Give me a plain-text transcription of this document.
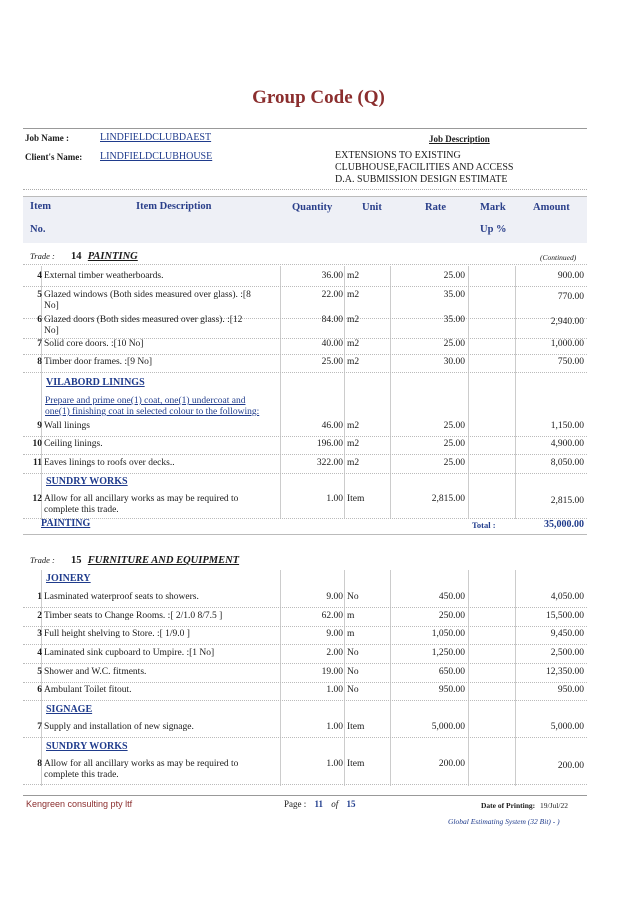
Group Code (Q)
Job Name :	LINDFIELDCLUBDAEST
Client's Name: LINDFIELDCLUBHOUSE
Job Description
EXTENSIONS TO EXISTING
CLUBHOUSE,FACILITIES AND ACCESS
D.A. SUBMISSION DESIGN ESTIMATE
Item
No.
Item Description	Quantity	Unit	Rate	Mark
Up %
Amount
Trade : 14 PAINTING	(Continued)
4	36.00 m2	25.00	900.00
External timber weatherboards.
5	22.00 m2	35.00	770.00
Glazed windows (Both sides measured over glass). :[8
No]
6	84.00 m2	35.00	2,940.00
Glazed doors (Both sides measured over glass). :[12
No]
7	40.00 m2	25.00	1,000.00
Solid core doors. :[10 No]
8	25.00 m2	30.00	750.00
Timber door frames. :[9 No]
VILABORD LININGS
Prepare and prime one(1) coat, one(1) undercoat and
one(1) finishing coat in selected colour to the following:
9	46.00 m2	25.00	1,150.00
Wall linings
10	196.00 m2	25.00	4,900.00
Ceiling linings.
11	322.00 m2	25.00	8,050.00
Eaves linings to roofs over decks..
SUNDRY WORKS
12	1.00 Item	2,815.00	2,815.00
Allow for all ancillary works as may be required to
complete this trade.
PAINTING	Total :	35,000.00
Trade : 15 FURNITURE AND EQUIPMENT
JOINERY
1	9.00 No	450.00	4,050.00
Lasminated waterproof seats to showers.
2	62.00 m	250.00	15,500.00
Timber seats to Change Rooms. :[ 2/1.0 8/7.5 ]
3	9.00 m	1,050.00	9,450.00
Full height shelving to Store. :[ 1/9.0 ]
4	2.00 No	1,250.00	2,500.00
Laminated sink cupboard to Umpire. :[1 No]
5	19.00 No	650.00	12,350.00
Shower and W.C. fitments.
6	1.00 No	950.00	950.00
Ambulant Toilet fitout.
SIGNAGE
7	1.00 Item	5,000.00	5,000.00
Supply and installation of new signage.
SUNDRY WORKS
8	1.00 Item	200.00	200.00
Allow for all ancillary works as may be required to
complete this trade.
Kengreen consulting pty ltf	Page : 11 of 15	Date of Printing: 19/Jul/22
Global Estimating System (32 Bit) - )
